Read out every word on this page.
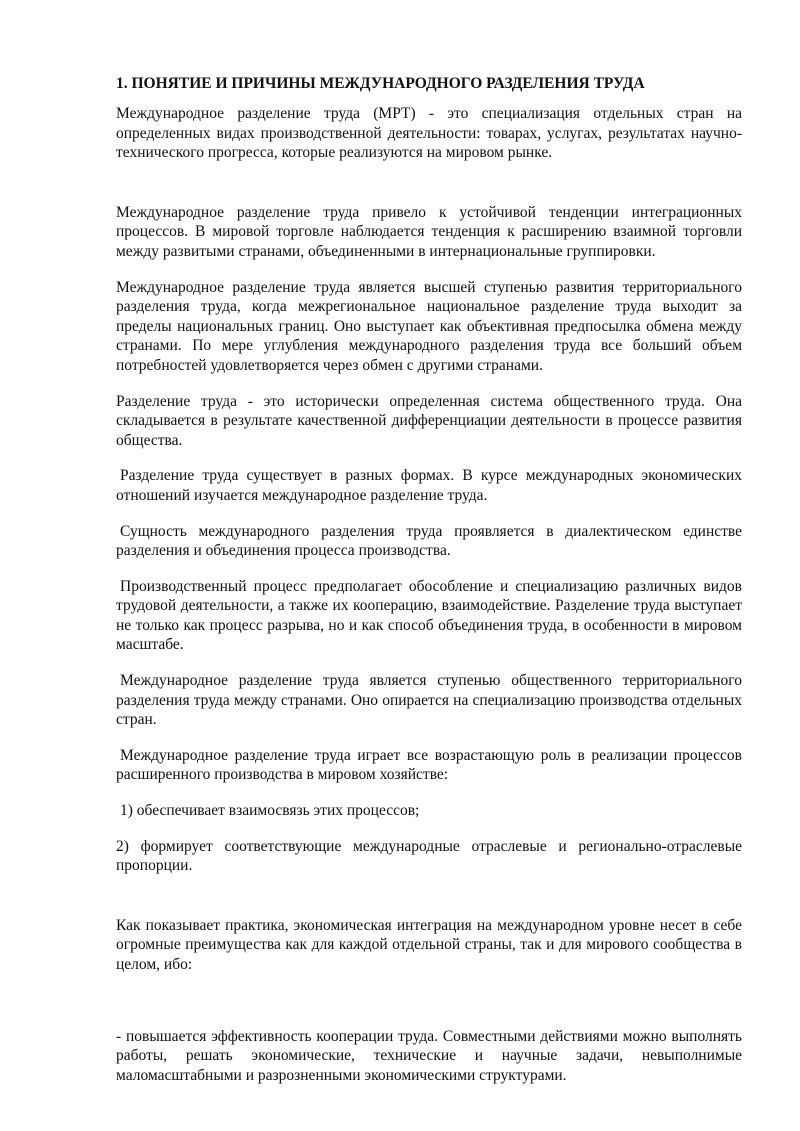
1. ПОНЯТИЕ И ПРИЧИНЫ МЕЖДУНАРОДНОГО РАЗДЕЛЕНИЯ ТРУДА

Международное разделение труда (МРТ) - это специализация отдельных стран на определенных видах производственной деятельности: товарах, услугах, результатах научно-технического прогресса, которые реализуются на мировом рынке.

Международное разделение труда привело к устойчивой тенденции интеграционных процессов. В мировой торговле наблюдается тенденция к расширению взаимной торговли между развитыми странами, объединенными в интернациональные группировки.

Международное разделение труда является высшей ступенью развития территориального разделения труда, когда межрегиональное национальное разделение труда выходит за пределы национальных границ. Оно выступает как объективная предпосылка обмена между странами. По мере углубления международного разделения труда все больший объем потребностей удовлетворяется через обмен с другими странами.

Разделение труда - это исторически определенная система общественного труда. Она складывается в результате качественной дифференциации деятельности в процессе развития общества.

Разделение труда существует в разных формах. В курсе международных экономических отношений изучается международное разделение труда.

Сущность международного разделения труда проявляется в диалектическом единстве разделения и объединения процесса производства.

Производственный процесс предполагает обособление и специализацию различных видов трудовой деятельности, а также их кооперацию, взаимодействие. Разделение труда выступает не только как процесс разрыва, но и как способ объединения труда, в особенности в мировом масштабе.

Международное разделение труда является ступенью общественного территориального разделения труда между странами. Оно опирается на специализацию производства отдельных стран.

Международное разделение труда играет все возрастающую роль в реализации процессов расширенного производства в мировом хозяйстве:

1) обеспечивает взаимосвязь этих процессов;

2) формирует соответствующие международные отраслевые и регионально-отраслевые пропорции.

Как показывает практика, экономическая интеграция на международном уровне несет в себе огромные преимущества как для каждой отдельной страны, так и для мирового сообщества в целом, ибо:

- повышается эффективность кооперации труда. Совместными действиями можно выполнять работы, решать экономические, технические и научные задачи, невыполнимые маломасштабными и разрозненными экономическими структурами.
